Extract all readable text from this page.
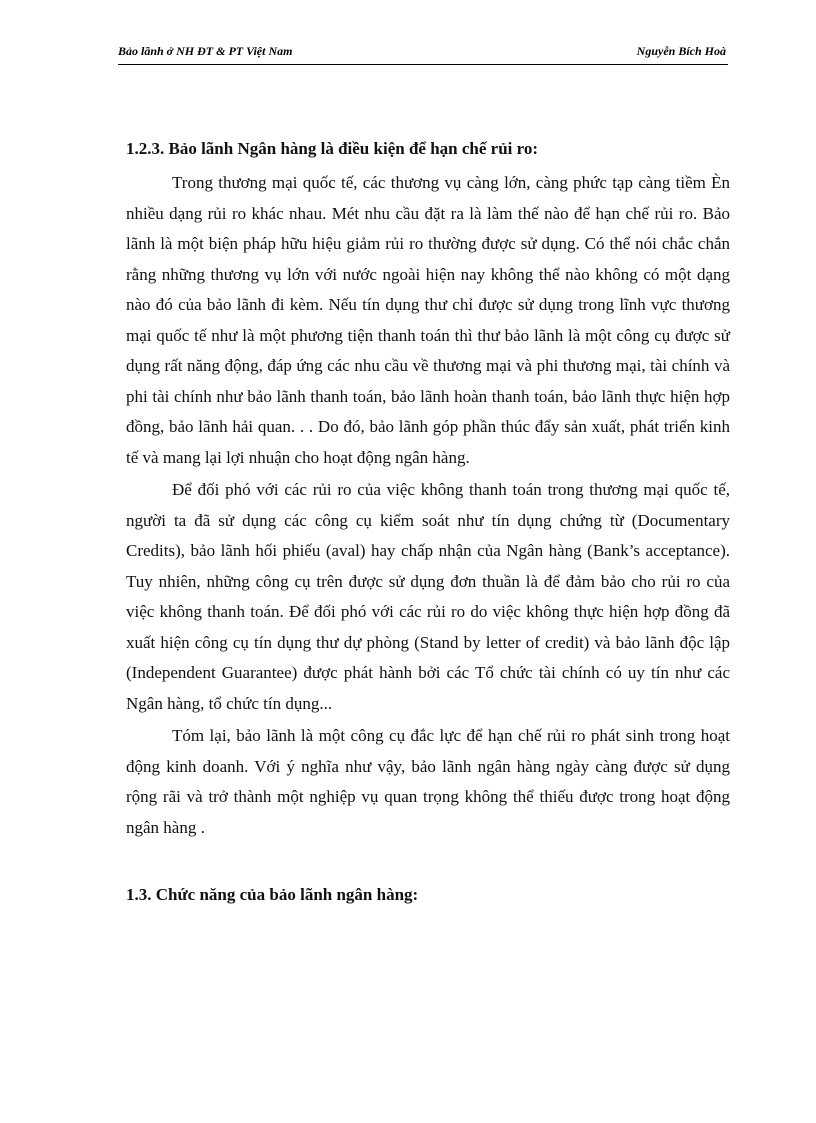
Bảo lãnh ở NH ĐT & PT Việt Nam	Nguyễn Bích Hoà
1.2.3. Bảo lãnh Ngân hàng là điều kiện để hạn chế rủi ro:

Trong thương mại quốc tế, các thương vụ càng lớn, càng phức tạp càng tiềm Èn nhiều dạng rủi ro khác nhau. Mét nhu cầu đặt ra là làm thế nào để hạn chế rủi ro. Bảo lãnh là một biện pháp hữu hiệu giảm rủi ro thường được sử dụng. Có thể nói chắc chắn rằng những thương vụ lớn với nước ngoài hiện nay không thể nào không có một dạng nào đó của bảo lãnh đi kèm. Nếu tín dụng thư chỉ được sử dụng trong lĩnh vực thương mại quốc tế như là một phương tiện thanh toán thì thư bảo lãnh là một công cụ được sử dụng rất năng động, đáp ứng các nhu cầu về thương mại và phi thương mại, tài chính và phi tài chính như bảo lãnh thanh toán, bảo lãnh hoàn thanh toán, bảo lãnh thực hiện hợp đồng, bảo lãnh hải quan. . . Do đó, bảo lãnh góp phần thúc đẩy sản xuất, phát triển kinh tế và mang lại lợi nhuận cho hoạt động ngân hàng.

Để đối phó với các rủi ro của việc không thanh toán trong thương mại quốc tế, người ta đã sử dụng các công cụ kiểm soát như tín dụng chứng từ (Documentary Credits), bảo lãnh hối phiếu (aval) hay chấp nhận của Ngân hàng (Bank’s acceptance). Tuy nhiên, những công cụ trên được sử dụng đơn thuần là để đảm bảo cho rủi ro của việc không thanh toán. Để đối phó với các rủi ro do việc không thực hiện hợp đồng đã xuất hiện công cụ tín dụng thư dự phòng (Stand by letter of credit) và bảo lãnh độc lập (Independent Guarantee) được phát hành bởi các Tổ chức tài chính có uy tín như các Ngân hàng, tổ chức tín dụng...

Tóm lại, bảo lãnh là một công cụ đắc lực để hạn chế rủi ro phát sinh trong hoạt động kinh doanh. Với ý nghĩa như vậy, bảo lãnh ngân hàng ngày càng được sử dụng rộng rãi và trở thành một nghiệp vụ quan trọng không thể thiếu được trong hoạt động ngân hàng .

1.3. Chức năng của bảo lãnh ngân hàng:
